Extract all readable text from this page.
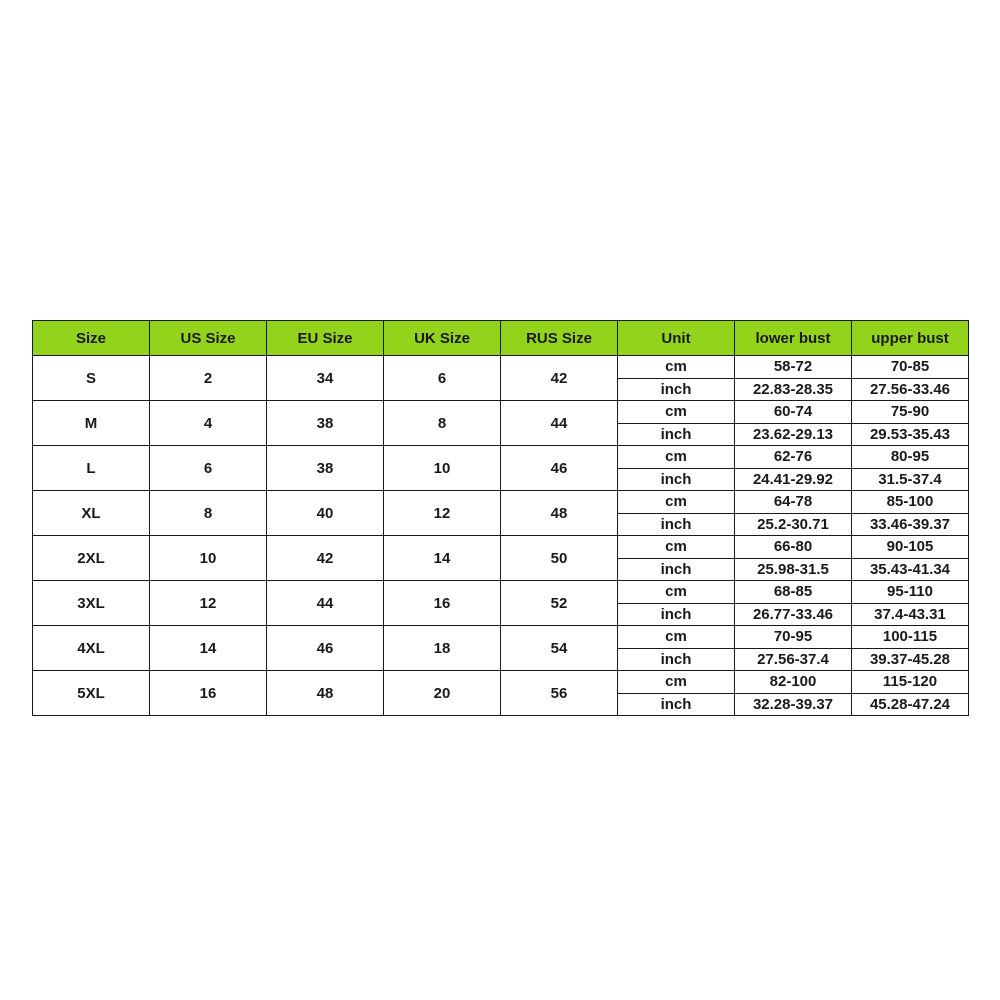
Size	US Size	EU Size	UK Size	RUS Size	Unit	lower bust	upper bust
S	2	34	6	42	cm	58-72	70-85
					inch	22.83-28.35	27.56-33.46
M	4	38	8	44	cm	60-74	75-90
					inch	23.62-29.13	29.53-35.43
L	6	38	10	46	cm	62-76	80-95
					inch	24.41-29.92	31.5-37.4
XL	8	40	12	48	cm	64-78	85-100
					inch	25.2-30.71	33.46-39.37
2XL	10	42	14	50	cm	66-80	90-105
					inch	25.98-31.5	35.43-41.34
3XL	12	44	16	52	cm	68-85	95-110
					inch	26.77-33.46	37.4-43.31
4XL	14	46	18	54	cm	70-95	100-115
					inch	27.56-37.4	39.37-45.28
5XL	16	48	20	56	cm	82-100	115-120
					inch	32.28-39.37	45.28-47.24
